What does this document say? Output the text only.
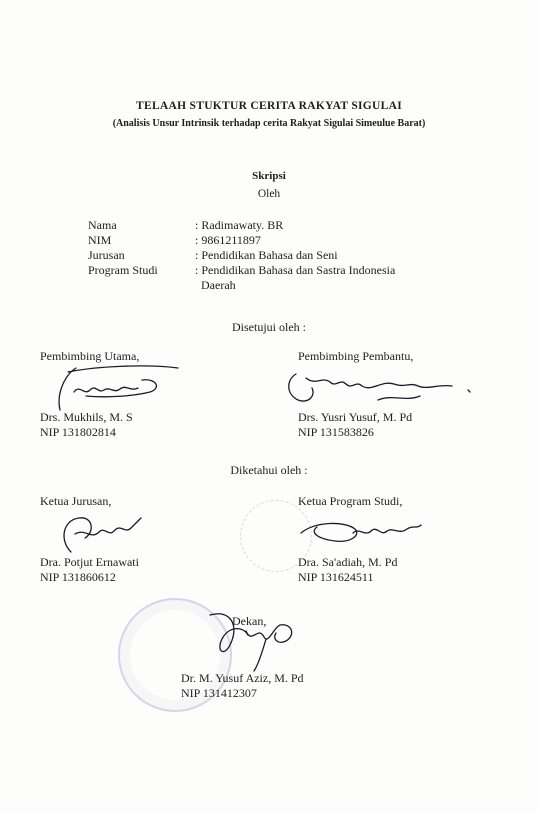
TELAAH STUKTUR CERITA RAKYAT SIGULAI
(Analisis Unsur Intrinsik terhadap cerita Rakyat Sigulai Simeulue Barat)
Skripsi
Oleh
Nama	: Radimawaty. BR
NIM	: 9861211897
Jurusan	: Pendidikan Bahasa dan Seni
Program Studi	: Pendidikan Bahasa dan Sastra Indonesia
Daerah
Disetujui oleh :
Pembimbing Utama,
Drs. Mukhils, M. S
NIP 131802814
Pembimbing Pembantu,
Drs. Yusri Yusuf, M. Pd
NIP 131583826
Diketahui oleh :
Ketua Jurusan,
Dra. Potjut Ernawati
NIP 131860612
Ketua Program Studi,
Dra. Sa'adiah, M. Pd
NIP 131624511
Dekan,
Dr. M. Yusuf Aziz, M. Pd
NIP 131412307
